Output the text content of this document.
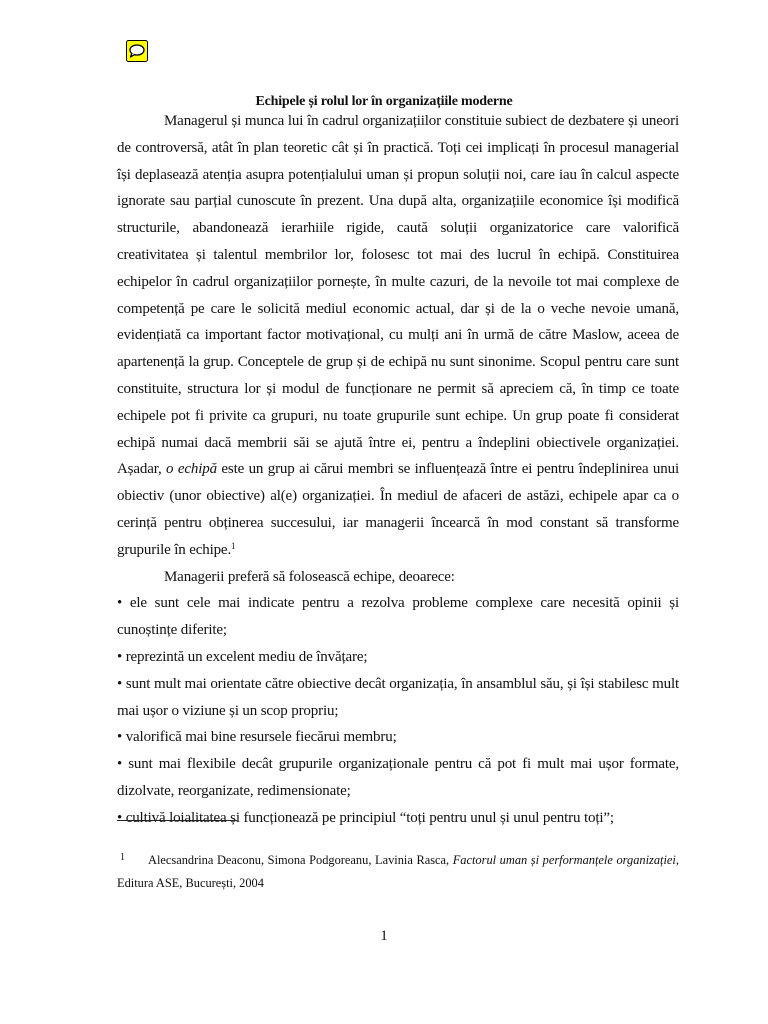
Echipele și rolul lor în organizațiile moderne

Managerul și munca lui în cadrul organizațiilor constituie subiect de dezbatere și uneori de controversă, atât în plan teoretic cât și în practică. Toți cei implicați în procesul managerial își deplasează atenția asupra potențialului uman și propun soluții noi, care iau în calcul aspecte ignorate sau parțial cunoscute în prezent. Una după alta, organizațiile economice își modifică structurile, abandonează ierarhiile rigide, caută soluții organizatorice care valorifică creativitatea și talentul membrilor lor, folosesc tot mai des lucrul în echipă. Constituirea echipelor în cadrul organizațiilor pornește, în multe cazuri, de la nevoile tot mai complexe de competență pe care le solicită mediul economic actual, dar și de la o veche nevoie umană, evidențiată ca important factor motivațional, cu mulți ani în urmă de către Maslow, aceea de apartenență la grup. Conceptele de grup și de echipă nu sunt sinonime. Scopul pentru care sunt constituite, structura lor și modul de funcționare ne permit să apreciem că, în timp ce toate echipele pot fi privite ca grupuri, nu toate grupurile sunt echipe. Un grup poate fi considerat echipă numai dacă membrii săi se ajută între ei, pentru a îndeplini obiectivele organizației. Așadar, o echipă este un grup ai cărui membri se influențează între ei pentru îndeplinirea unui obiectiv (unor obiective) al(e) organizației. În mediul de afaceri de astăzi, echipele apar ca o cerință pentru obținerea succesului, iar managerii încearcă în mod constant să transforme grupurile în echipe.$^1$

Managerii preferă să folosească echipe, deoarece:

• ele sunt cele mai indicate pentru a rezolva probleme complexe care necesită opinii și cunoștințe diferite;

• reprezintă un excelent mediu de învățare;

• sunt mult mai orientate către obiective decât organizația, în ansamblul său, și își stabilesc mult mai ușor o viziune și un scop propriu;

• valorifică mai bine resursele fiecărui membru;

• sunt mai flexibile decât grupurile organizaționale pentru că pot fi mult mai ușor formate, dizolvate, reorganizate, redimensionate;

• cultivă loialitatea și funcționează pe principiul “toți pentru unul și unul pentru toți”;

1 Alecsandrina Deaconu, Simona Podgoreanu, Lavinia Rasca, Factorul uman și performanțele organizației, Editura ASE, București, 2004
1
